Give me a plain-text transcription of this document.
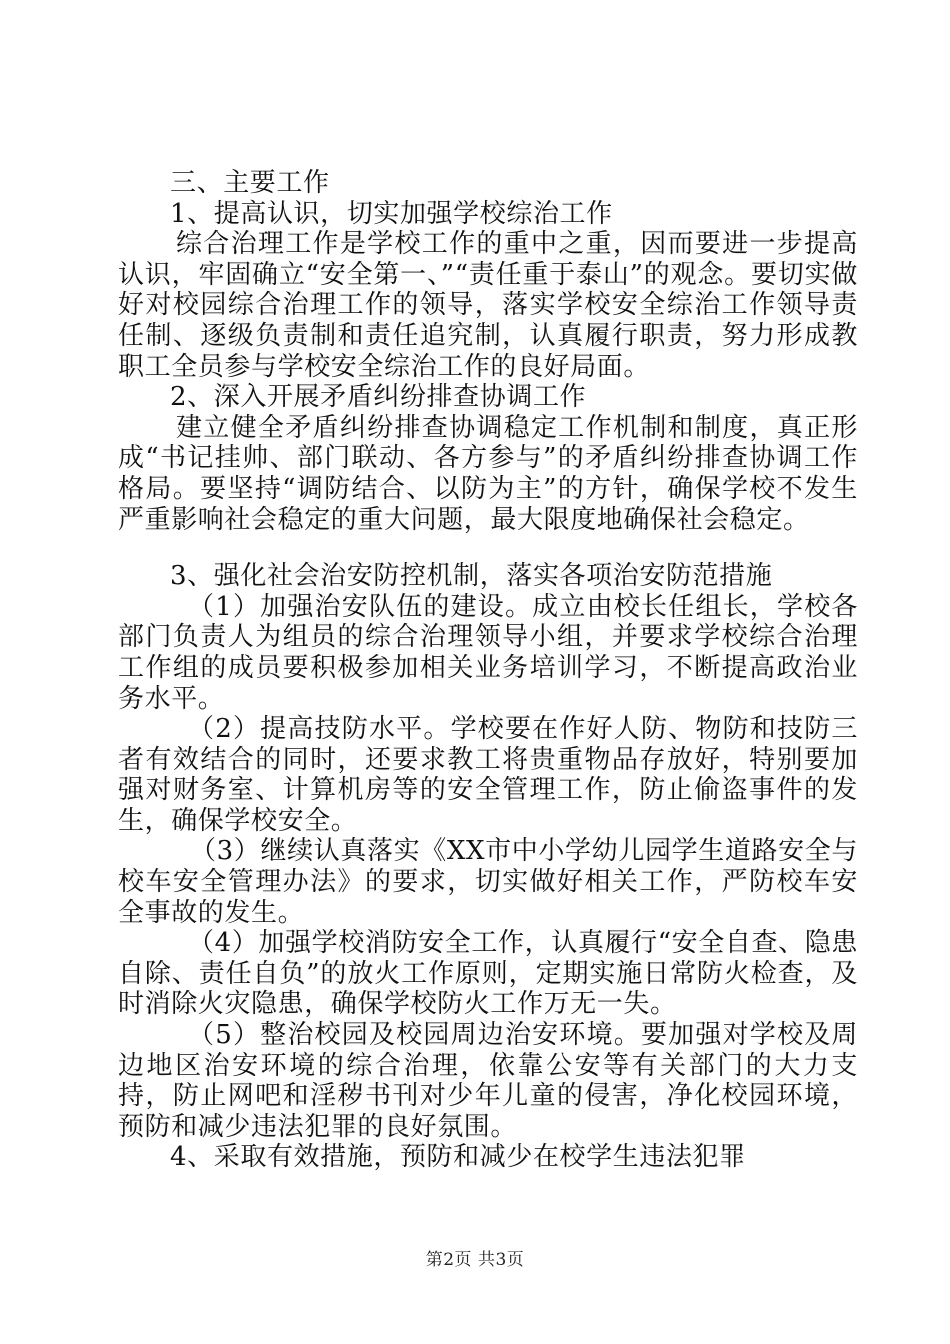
三、主要工作

1、提高认识，切实加强学校综治工作

综合治理工作是学校工作的重中之重，因而要进一步提高认识，牢固确立“安全第一、”“责任重于泰山”的观念。要切实做好对校园综合治理工作的领导，落实学校安全综治工作领导责任制、逐级负责制和责任追究制，认真履行职责，努力形成教职工全员参与学校安全综治工作的良好局面。

2、深入开展矛盾纠纷排查协调工作

建立健全矛盾纠纷排查协调稳定工作机制和制度，真正形成“书记挂帅、部门联动、各方参与”的矛盾纠纷排查协调工作格局。要坚持“调防结合、以防为主”的方针，确保学校不发生严重影响社会稳定的重大问题，最大限度地确保社会稳定。

3、强化社会治安防控机制，落实各项治安防范措施

（1）加强治安队伍的建设。成立由校长任组长，学校各部门负责人为组员的综合治理领导小组，并要求学校综合治理工作组的成员要积极参加相关业务培训学习，不断提高政治业务水平。

（2）提高技防水平。学校要在作好人防、物防和技防三者有效结合的同时，还要求教工将贵重物品存放好，特别要加强对财务室、计算机房等的安全管理工作，防止偷盗事件的发生，确保学校安全。

（3）继续认真落实《XX市中小学幼儿园学生道路安全与校车安全管理办法》的要求，切实做好相关工作，严防校车安全事故的发生。

（4）加强学校消防安全工作，认真履行“安全自查、隐患自除、责任自负”的放火工作原则，定期实施日常防火检查，及时消除火灾隐患，确保学校防火工作万无一失。

（5）整治校园及校园周边治安环境。要加强对学校及周边地区治安环境的综合治理，依靠公安等有关部门的大力支持，防止网吧和淫秽书刊对少年儿童的侵害，净化校园环境，预防和减少违法犯罪的良好氛围。

4、采取有效措施，预防和减少在校学生违法犯罪

第2页 共3页
